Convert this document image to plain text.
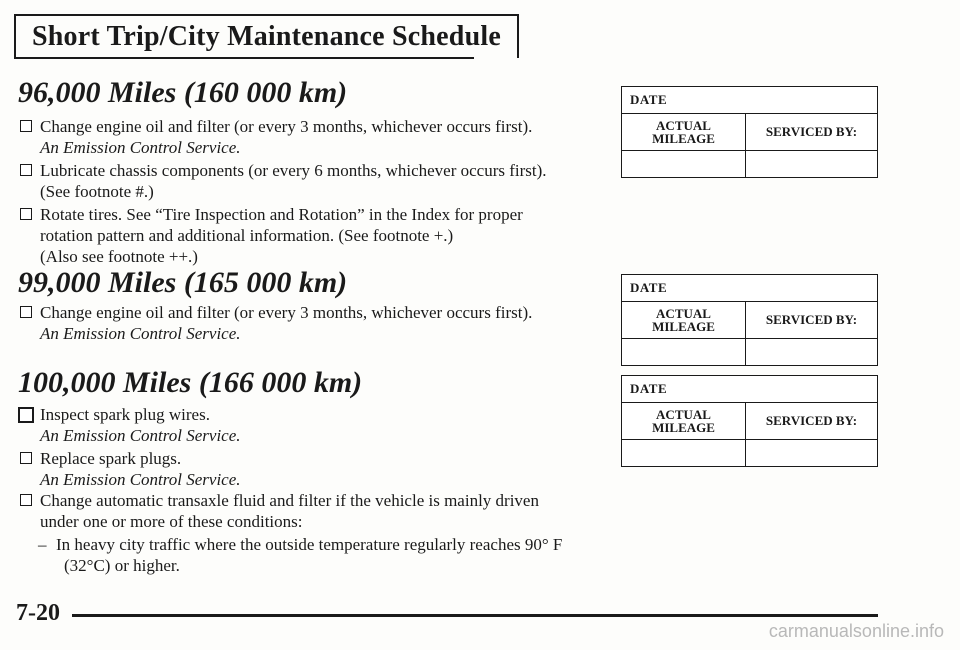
Short Trip/City Maintenance Schedule
96,000 Miles (160 000 km)
Change engine oil and filter (or every 3 months, whichever occurs first).
An Emission Control Service.
Lubricate chassis components (or every 6 months, whichever occurs first).
(See footnote #.)
Rotate tires. See “Tire Inspection and Rotation” in the Index for proper
rotation pattern and additional information. (See footnote +.)
(Also see footnote ++.)
99,000 Miles (165 000 km)
Change engine oil and filter (or every 3 months, whichever occurs first).
An Emission Control Service.
100,000 Miles (166 000 km)
Inspect spark plug wires.
An Emission Control Service.
Replace spark plugs.
An Emission Control Service.
Change automatic transaxle fluid and filter if the vehicle is mainly driven
under one or more of these conditions:
– In heavy city traffic where the outside temperature regularly reaches 90° F
(32°C) or higher.
DATE
ACTUAL
MILEAGE	SERVICED BY:
DATE
ACTUAL
MILEAGE	SERVICED BY:
DATE
ACTUAL
MILEAGE	SERVICED BY:
7-20
carmanualsonline.info
